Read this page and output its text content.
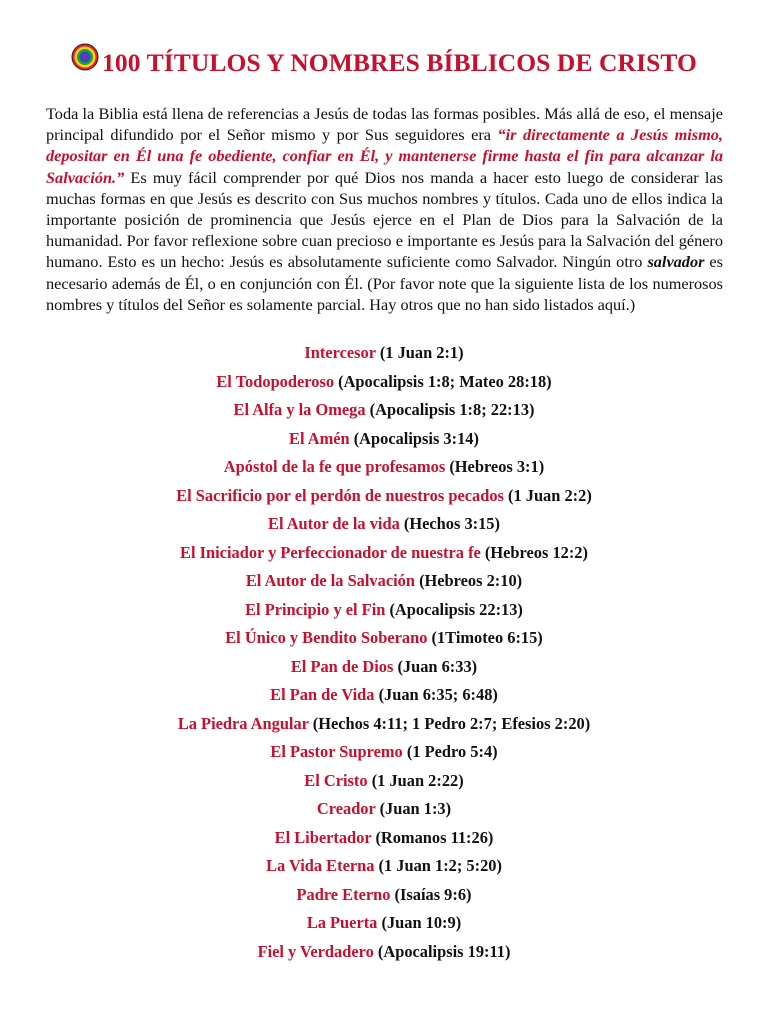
100 TÍTULOS Y NOMBRES BÍBLICOS DE CRISTO

Toda la Biblia está llena de referencias a Jesús de todas las formas posibles. Más allá de eso, el mensaje principal difundido por el Señor mismo y por Sus seguidores era “ir directamente a Jesús mismo, depositar en Él una fe obediente, confiar en Él, y mantenerse firme hasta el fin para alcanzar la Salvación.” Es muy fácil comprender por qué Dios nos manda a hacer esto luego de considerar las muchas formas en que Jesús es descrito con Sus muchos nombres y títulos. Cada uno de ellos indica la importante posición de prominencia que Jesús ejerce en el Plan de Dios para la Salvación de la humanidad. Por favor reflexione sobre cuan precioso e importante es Jesús para la Salvación del género humano. Esto es un hecho: Jesús es absolutamente suficiente como Salvador. Ningún otro salvador es necesario además de Él, o en conjunción con Él. (Por favor note que la siguiente lista de los numerosos nombres y títulos del Señor es solamente parcial. Hay otros que no han sido listados aquí.)

Intercesor (1 Juan 2:1)
El Todopoderoso (Apocalipsis 1:8; Mateo 28:18)
El Alfa y la Omega (Apocalipsis 1:8; 22:13)
El Amén (Apocalipsis 3:14)
Apóstol de la fe que profesamos (Hebreos 3:1)
El Sacrificio por el perdón de nuestros pecados (1 Juan 2:2)
El Autor de la vida (Hechos 3:15)
El Iniciador y Perfeccionador de nuestra fe (Hebreos 12:2)
El Autor de la Salvación (Hebreos 2:10)
El Principio y el Fin (Apocalipsis 22:13)
El Único y Bendito Soberano (1Timoteo 6:15)
El Pan de Dios (Juan 6:33)
El Pan de Vida (Juan 6:35; 6:48)
La Piedra Angular (Hechos 4:11; 1 Pedro 2:7; Efesios 2:20)
El Pastor Supremo (1 Pedro 5:4)
El Cristo (1 Juan 2:22)
Creador (Juan 1:3)
El Libertador (Romanos 11:26)
La Vida Eterna (1 Juan 1:2; 5:20)
Padre Eterno (Isaías 9:6)
La Puerta (Juan 10:9)
Fiel y Verdadero (Apocalipsis 19:11)
